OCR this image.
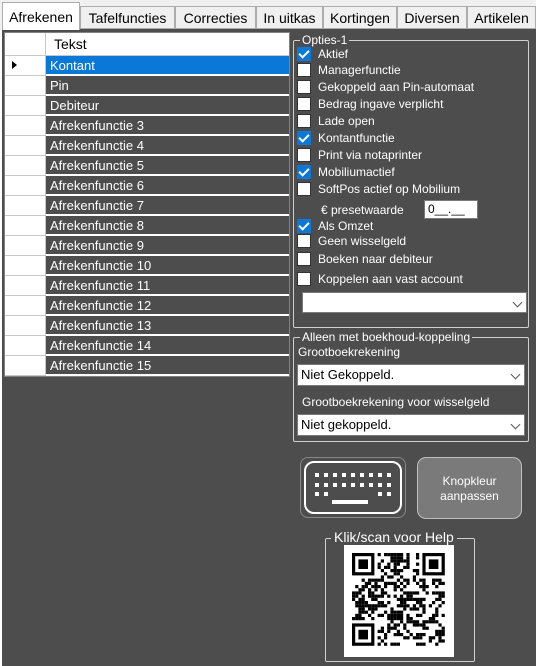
Afrekenen	Tafelfuncties	Correcties	In uitkas	Kortingen	Diversen	Artikelen
Tekst
Kontant
Pin
Debiteur
Afrekenfunctie 3
Afrekenfunctie 4
Afrekenfunctie 5
Afrekenfunctie 6
Afrekenfunctie 7
Afrekenfunctie 8
Afrekenfunctie 9
Afrekenfunctie 10
Afrekenfunctie 11
Afrekenfunctie 12
Afrekenfunctie 13
Afrekenfunctie 14
Afrekenfunctie 15
Opties-1
Aktief
Managerfunctie
Gekoppeld aan Pin-automaat
Bedrag ingave verplicht
Lade open
Kontantfunctie
Print via notaprinter
Mobiliumactief
SoftPos actief op Mobilium
€ presetwaarde	0__.__
Als Omzet
Geen wisselgeld
Boeken naar debiteur
Koppelen aan vast account
Alleen met boekhoud-koppeling
Grootboekrekening
Niet Gekoppeld.
Grootboekrekening voor wisselgeld
Niet gekoppeld.
Knopkleur
aanpassen
Klik/scan voor Help
